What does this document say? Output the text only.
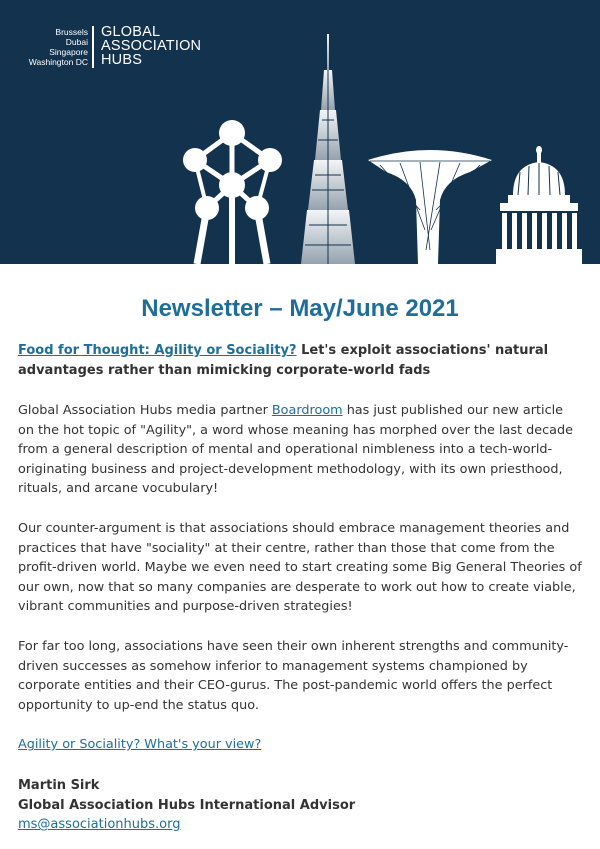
Brussels
Dubai
Singapore
Washington DC
GLOBAL
ASSOCIATION
HUBS
Newsletter – May/June 2021
Food for Thought: Agility or Sociality? Let's exploit associations' natural advantages rather than mimicking corporate-world fads

Global Association Hubs media partner Boardroom has just published our new article on the hot topic of "Agility", a word whose meaning has morphed over the last decade from a general description of mental and operational nimbleness into a tech-world-originating business and project-development methodology, with its own priesthood, rituals, and arcane vocubulary!

Our counter-argument is that associations should embrace management theories and practices that have "sociality" at their centre, rather than those that come from the profit-driven world. Maybe we even need to start creating some Big General Theories of our own, now that so many companies are desperate to work out how to create viable, vibrant communities and purpose-driven strategies!

For far too long, associations have seen their own inherent strengths and community-driven successes as somehow inferior to management systems championed by corporate entities and their CEO-gurus. The post-pandemic world offers the perfect opportunity to up-end the status quo.

Agility or Sociality? What's your view?

Martin Sirk
Global Association Hubs International Advisor
ms@associationhubs.org
